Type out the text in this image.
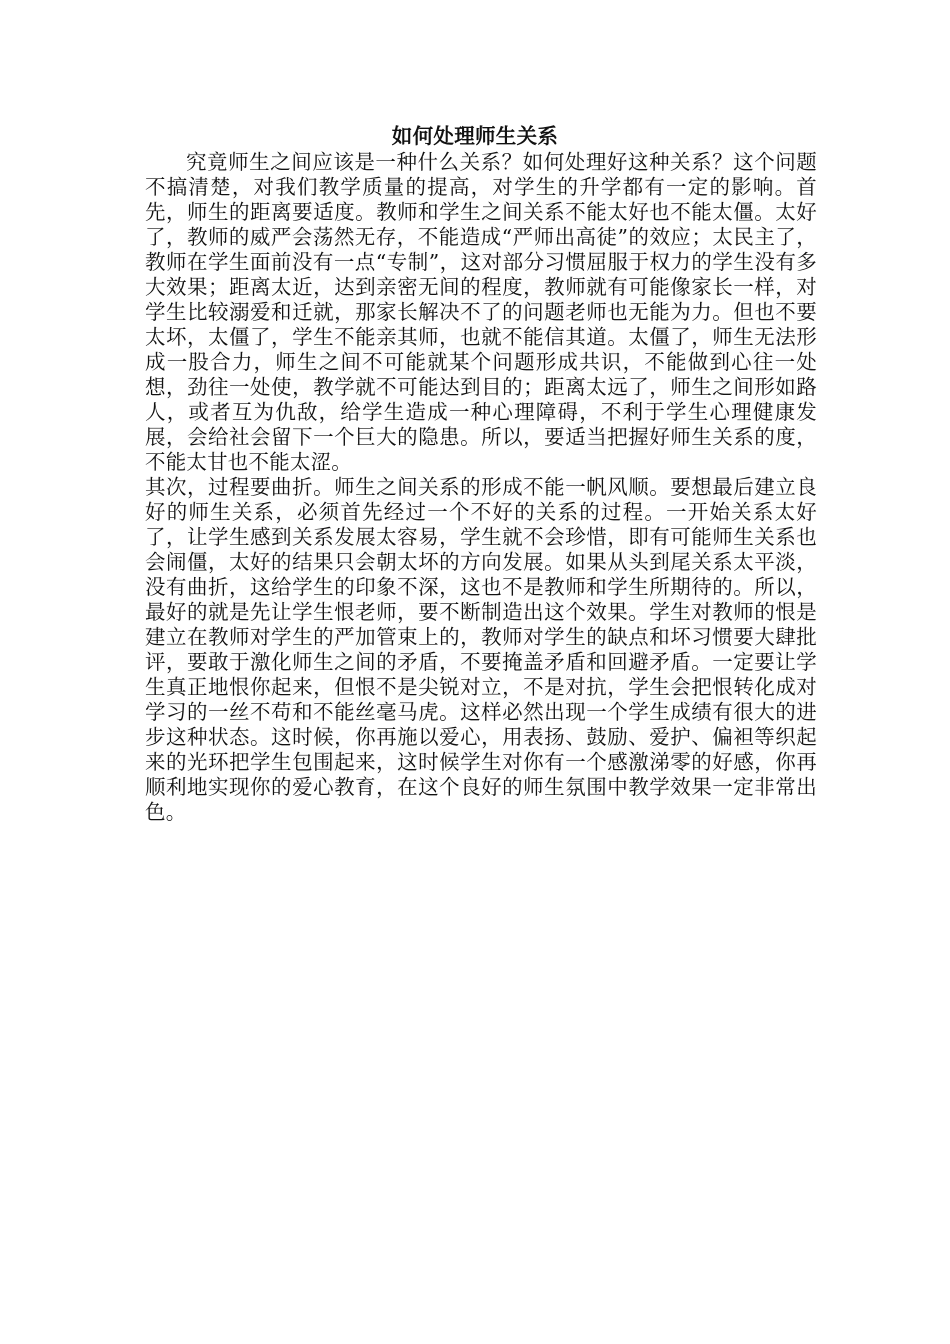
如何处理师生关系

究竟师生之间应该是一种什么关系？如何处理好这种关系？这个问题不搞清楚，对我们教学质量的提高，对学生的升学都有一定的影响。首先，师生的距离要适度。教师和学生之间关系不能太好也不能太僵。太好了，教师的威严会荡然无存，不能造成“严师出高徒”的效应；太民主了，教师在学生面前没有一点“专制”，这对部分习惯屈服于权力的学生没有多大效果；距离太近，达到亲密无间的程度，教师就有可能像家长一样，对学生比较溺爱和迁就，那家长解决不了的问题老师也无能为力。但也不要太坏，太僵了，学生不能亲其师，也就不能信其道。太僵了，师生无法形成一股合力，师生之间不可能就某个问题形成共识，不能做到心往一处想，劲往一处使，教学就不可能达到目的；距离太远了，师生之间形如路人，或者互为仇敌，给学生造成一种心理障碍，不利于学生心理健康发展，会给社会留下一个巨大的隐患。所以，要适当把握好师生关系的度，不能太甘也不能太涩。

其次，过程要曲折。师生之间关系的形成不能一帆风顺。要想最后建立良好的师生关系，必须首先经过一个不好的关系的过程。一开始关系太好了，让学生感到关系发展太容易，学生就不会珍惜，即有可能师生关系也会闹僵，太好的结果只会朝太坏的方向发展。如果从头到尾关系太平淡，没有曲折，这给学生的印象不深，这也不是教师和学生所期待的。所以，最好的就是先让学生恨老师，要不断制造出这个效果。学生对教师的恨是建立在教师对学生的严加管束上的，教师对学生的缺点和坏习惯要大肆批评，要敢于激化师生之间的矛盾，不要掩盖矛盾和回避矛盾。一定要让学生真正地恨你起来，但恨不是尖锐对立，不是对抗，学生会把恨转化成对学习的一丝不苟和不能丝毫马虎。这样必然出现一个学生成绩有很大的进步这种状态。这时候，你再施以爱心，用表扬、鼓励、爱护、偏袒等织起来的光环把学生包围起来，这时候学生对你有一个感激涕零的好感，你再顺利地实现你的爱心教育，在这个良好的师生氛围中教学效果一定非常出色。
